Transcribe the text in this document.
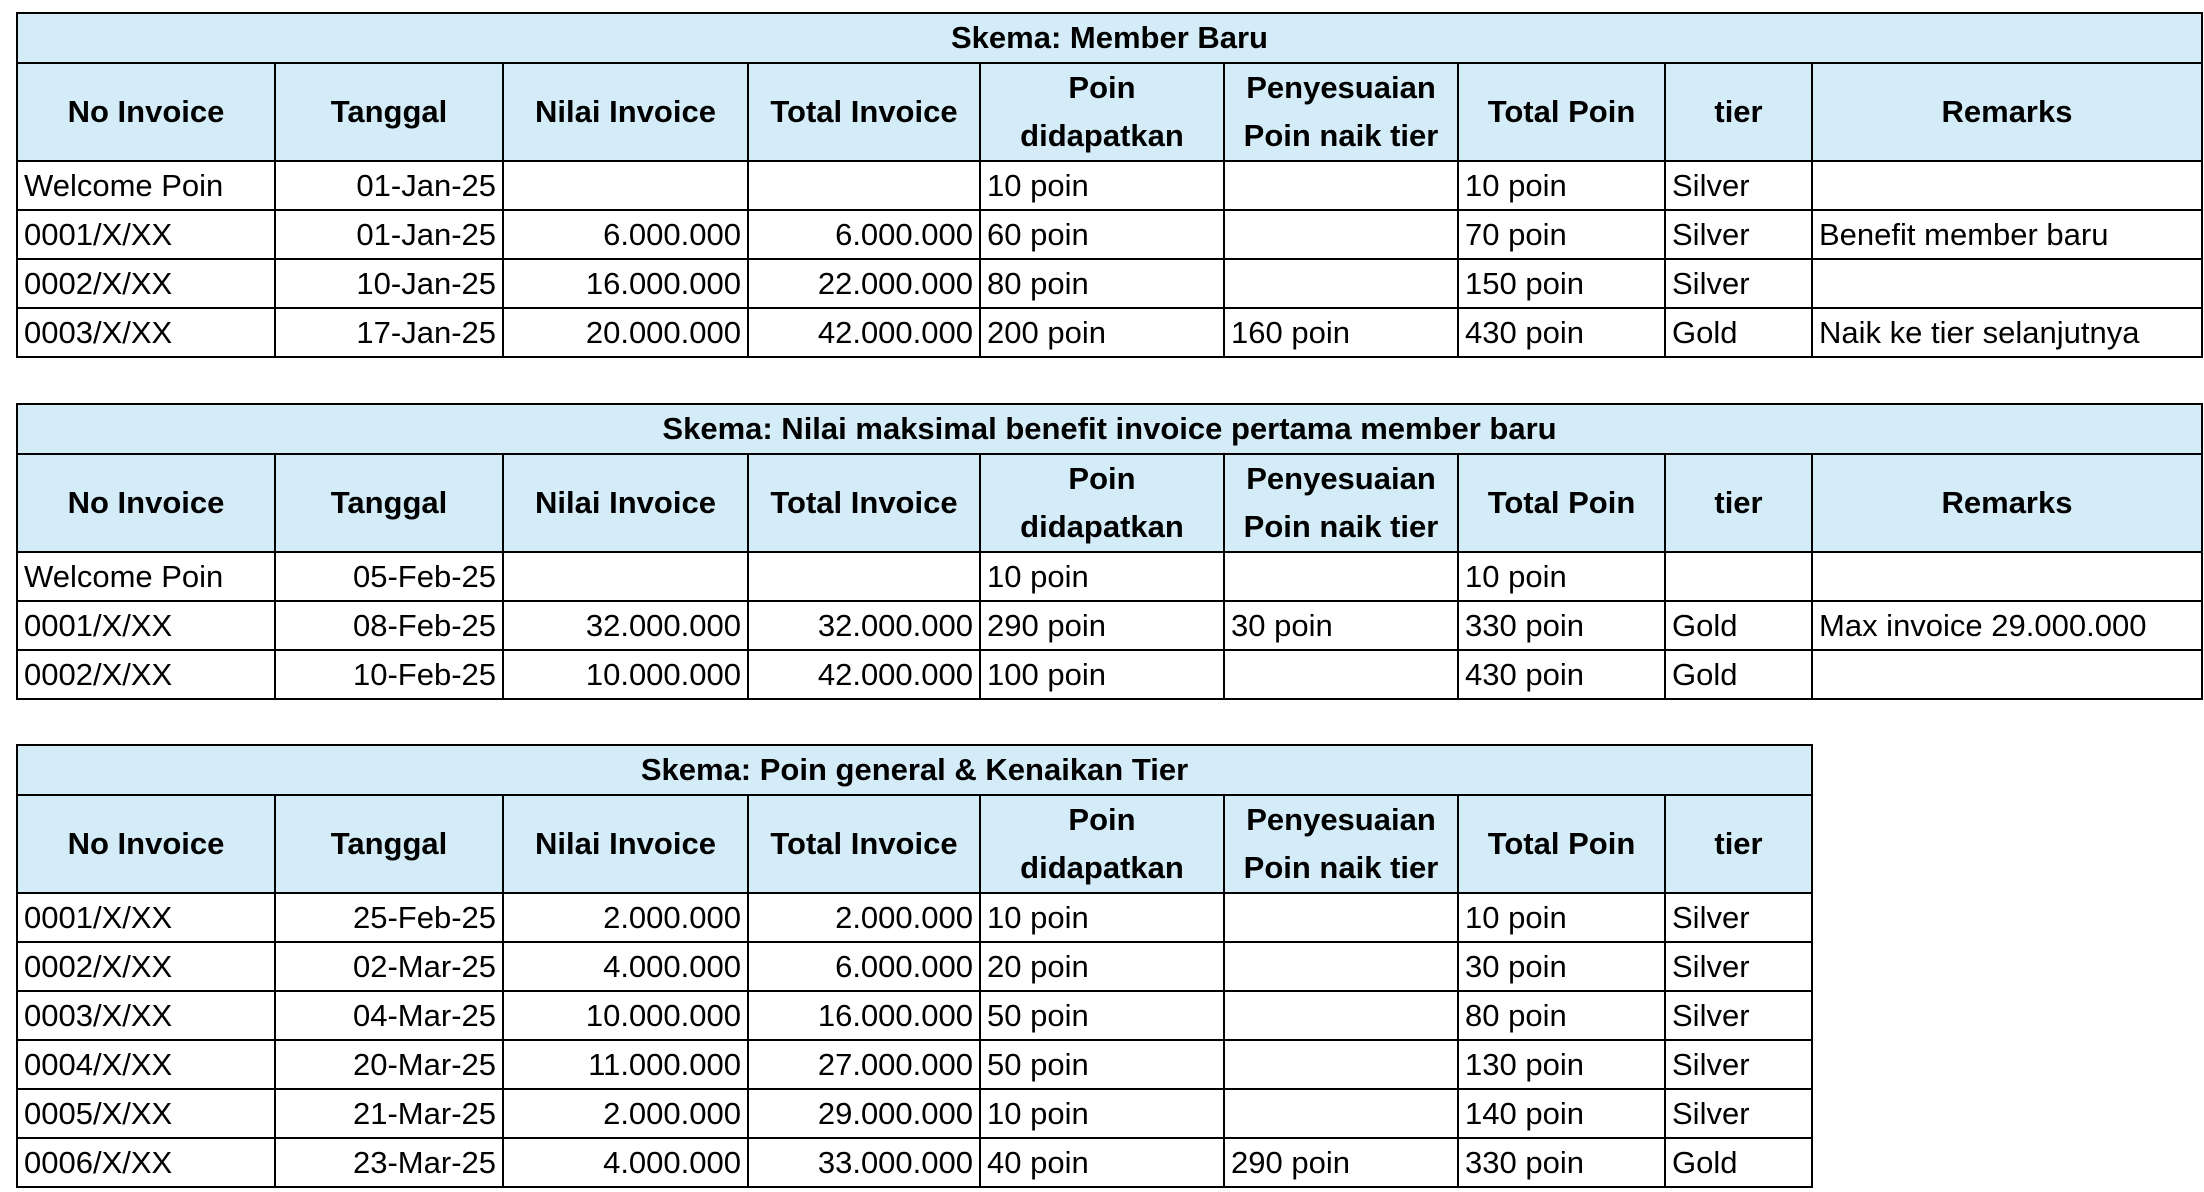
Skema: Member Baru								
No Invoice	Tanggal	Nilai Invoice	Total Invoice	Poin didapatkan	Penyesuaian Poin naik tier	Total Poin	tier	Remarks
Welcome Poin	01-Jan-25			10 poin		10 poin	Silver	
0001/X/XX	01-Jan-25	6.000.000	6.000.000	60 poin		70 poin	Silver	Benefit member baru
0002/X/XX	10-Jan-25	16.000.000	22.000.000	80 poin		150 poin	Silver	
0003/X/XX	17-Jan-25	20.000.000	42.000.000	200 poin	160 poin	430 poin	Gold	Naik ke tier selanjutnya
Skema: Nilai maksimal benefit invoice pertama member baru								
No Invoice	Tanggal	Nilai Invoice	Total Invoice	Poin didapatkan	Penyesuaian Poin naik tier	Total Poin	tier	Remarks
Welcome Poin	05-Feb-25			10 poin		10 poin		
0001/X/XX	08-Feb-25	32.000.000	32.000.000	290 poin	30 poin	330 poin	Gold	Max invoice 29.000.000
0002/X/XX	10-Feb-25	10.000.000	42.000.000	100 poin		430 poin	Gold	
Skema: Poin general & Kenaikan Tier							
No Invoice	Tanggal	Nilai Invoice	Total Invoice	Poin didapatkan	Penyesuaian Poin naik tier	Total Poin	tier
0001/X/XX	25-Feb-25	2.000.000	2.000.000	10 poin		10 poin	Silver
0002/X/XX	02-Mar-25	4.000.000	6.000.000	20 poin		30 poin	Silver
0003/X/XX	04-Mar-25	10.000.000	16.000.000	50 poin		80 poin	Silver
0004/X/XX	20-Mar-25	11.000.000	27.000.000	50 poin		130 poin	Silver
0005/X/XX	21-Mar-25	2.000.000	29.000.000	10 poin		140 poin	Silver
0006/X/XX	23-Mar-25	4.000.000	33.000.000	40 poin	290 poin	330 poin	Gold
